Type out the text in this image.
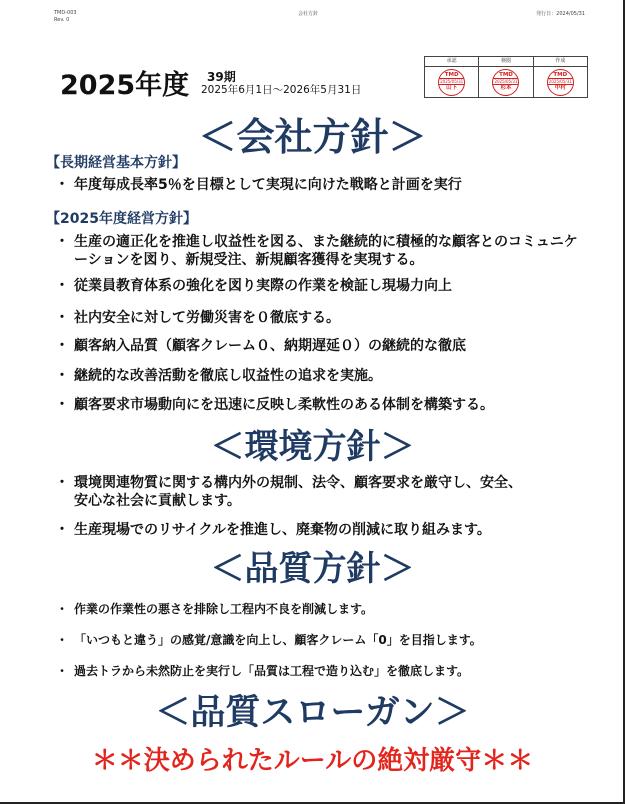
TMD-003
Rev. 0
会社方針	発行日：2024/05/31
2025年度 39期
2025年6月1日～2026年5月31日
承認
TMD
2025/05/31
山下
検閲
TMD
2025/05/31
杉本
作成
TMD
2025/05/31
中村
＜会社方針＞
【長期経営基本方針】
・ 年度毎成長率5％を目標として実現に向けた戦略と計画を実行
【2025年度経営方針】
・ 生産の適正化を推進し収益性を図る、また継続的に積極的な顧客とのコミュニケーションを図り、新規受注、新規顧客獲得を実現する。
・ 従業員教育体系の強化を図り実際の作業を検証し現場力向上
・ 社内安全に対して労働災害を０徹底する。
・ 顧客納入品質（顧客クレーム０、納期遅延０）の継続的な徹底
・ 継続的な改善活動を徹底し収益性の追求を実施。
・ 顧客要求市場動向にを迅速に反映し柔軟性のある体制を構築する。
＜環境方針＞
・ 環境関連物質に関する構内外の規制、法令、顧客要求を厳守し、安全、安心な社会に貢献します。
・ 生産現場でのリサイクルを推進し、廃棄物の削減に取り組みます。
＜品質方針＞
・ 作業の作業性の悪さを排除し工程内不良を削減します。
・ 「いつもと違う」の感覚/意識を向上し、顧客クレーム「0」を目指します。
・ 過去トラから未然防止を実行し「品質は工程で造り込む」を徹底します。
＜品質スローガン＞
＊＊決められたルールの絶対厳守＊＊
